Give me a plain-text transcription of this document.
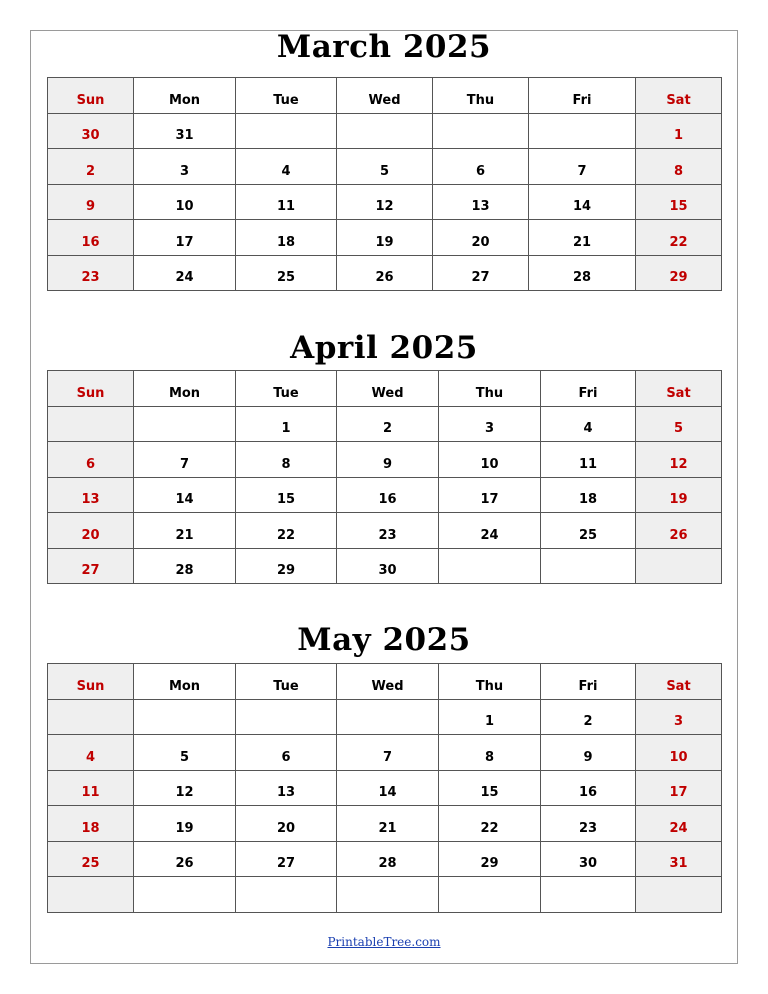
March 2025
Sun	Mon	Tue	Wed	Thu	Fri	Sat
30	31					1
2	3	4	5	6	7	8
9	10	11	12	13	14	15
16	17	18	19	20	21	22
23	24	25	26	27	28	29
April 2025
Sun	Mon	Tue	Wed	Thu	Fri	Sat
		1	2	3	4	5
6	7	8	9	10	11	12
13	14	15	16	17	18	19
20	21	22	23	24	25	26
27	28	29	30			
May 2025
Sun	Mon	Tue	Wed	Thu	Fri	Sat
				1	2	3
4	5	6	7	8	9	10
11	12	13	14	15	16	17
18	19	20	21	22	23	24
25	26	27	28	29	30	31

PrintableTree.com
